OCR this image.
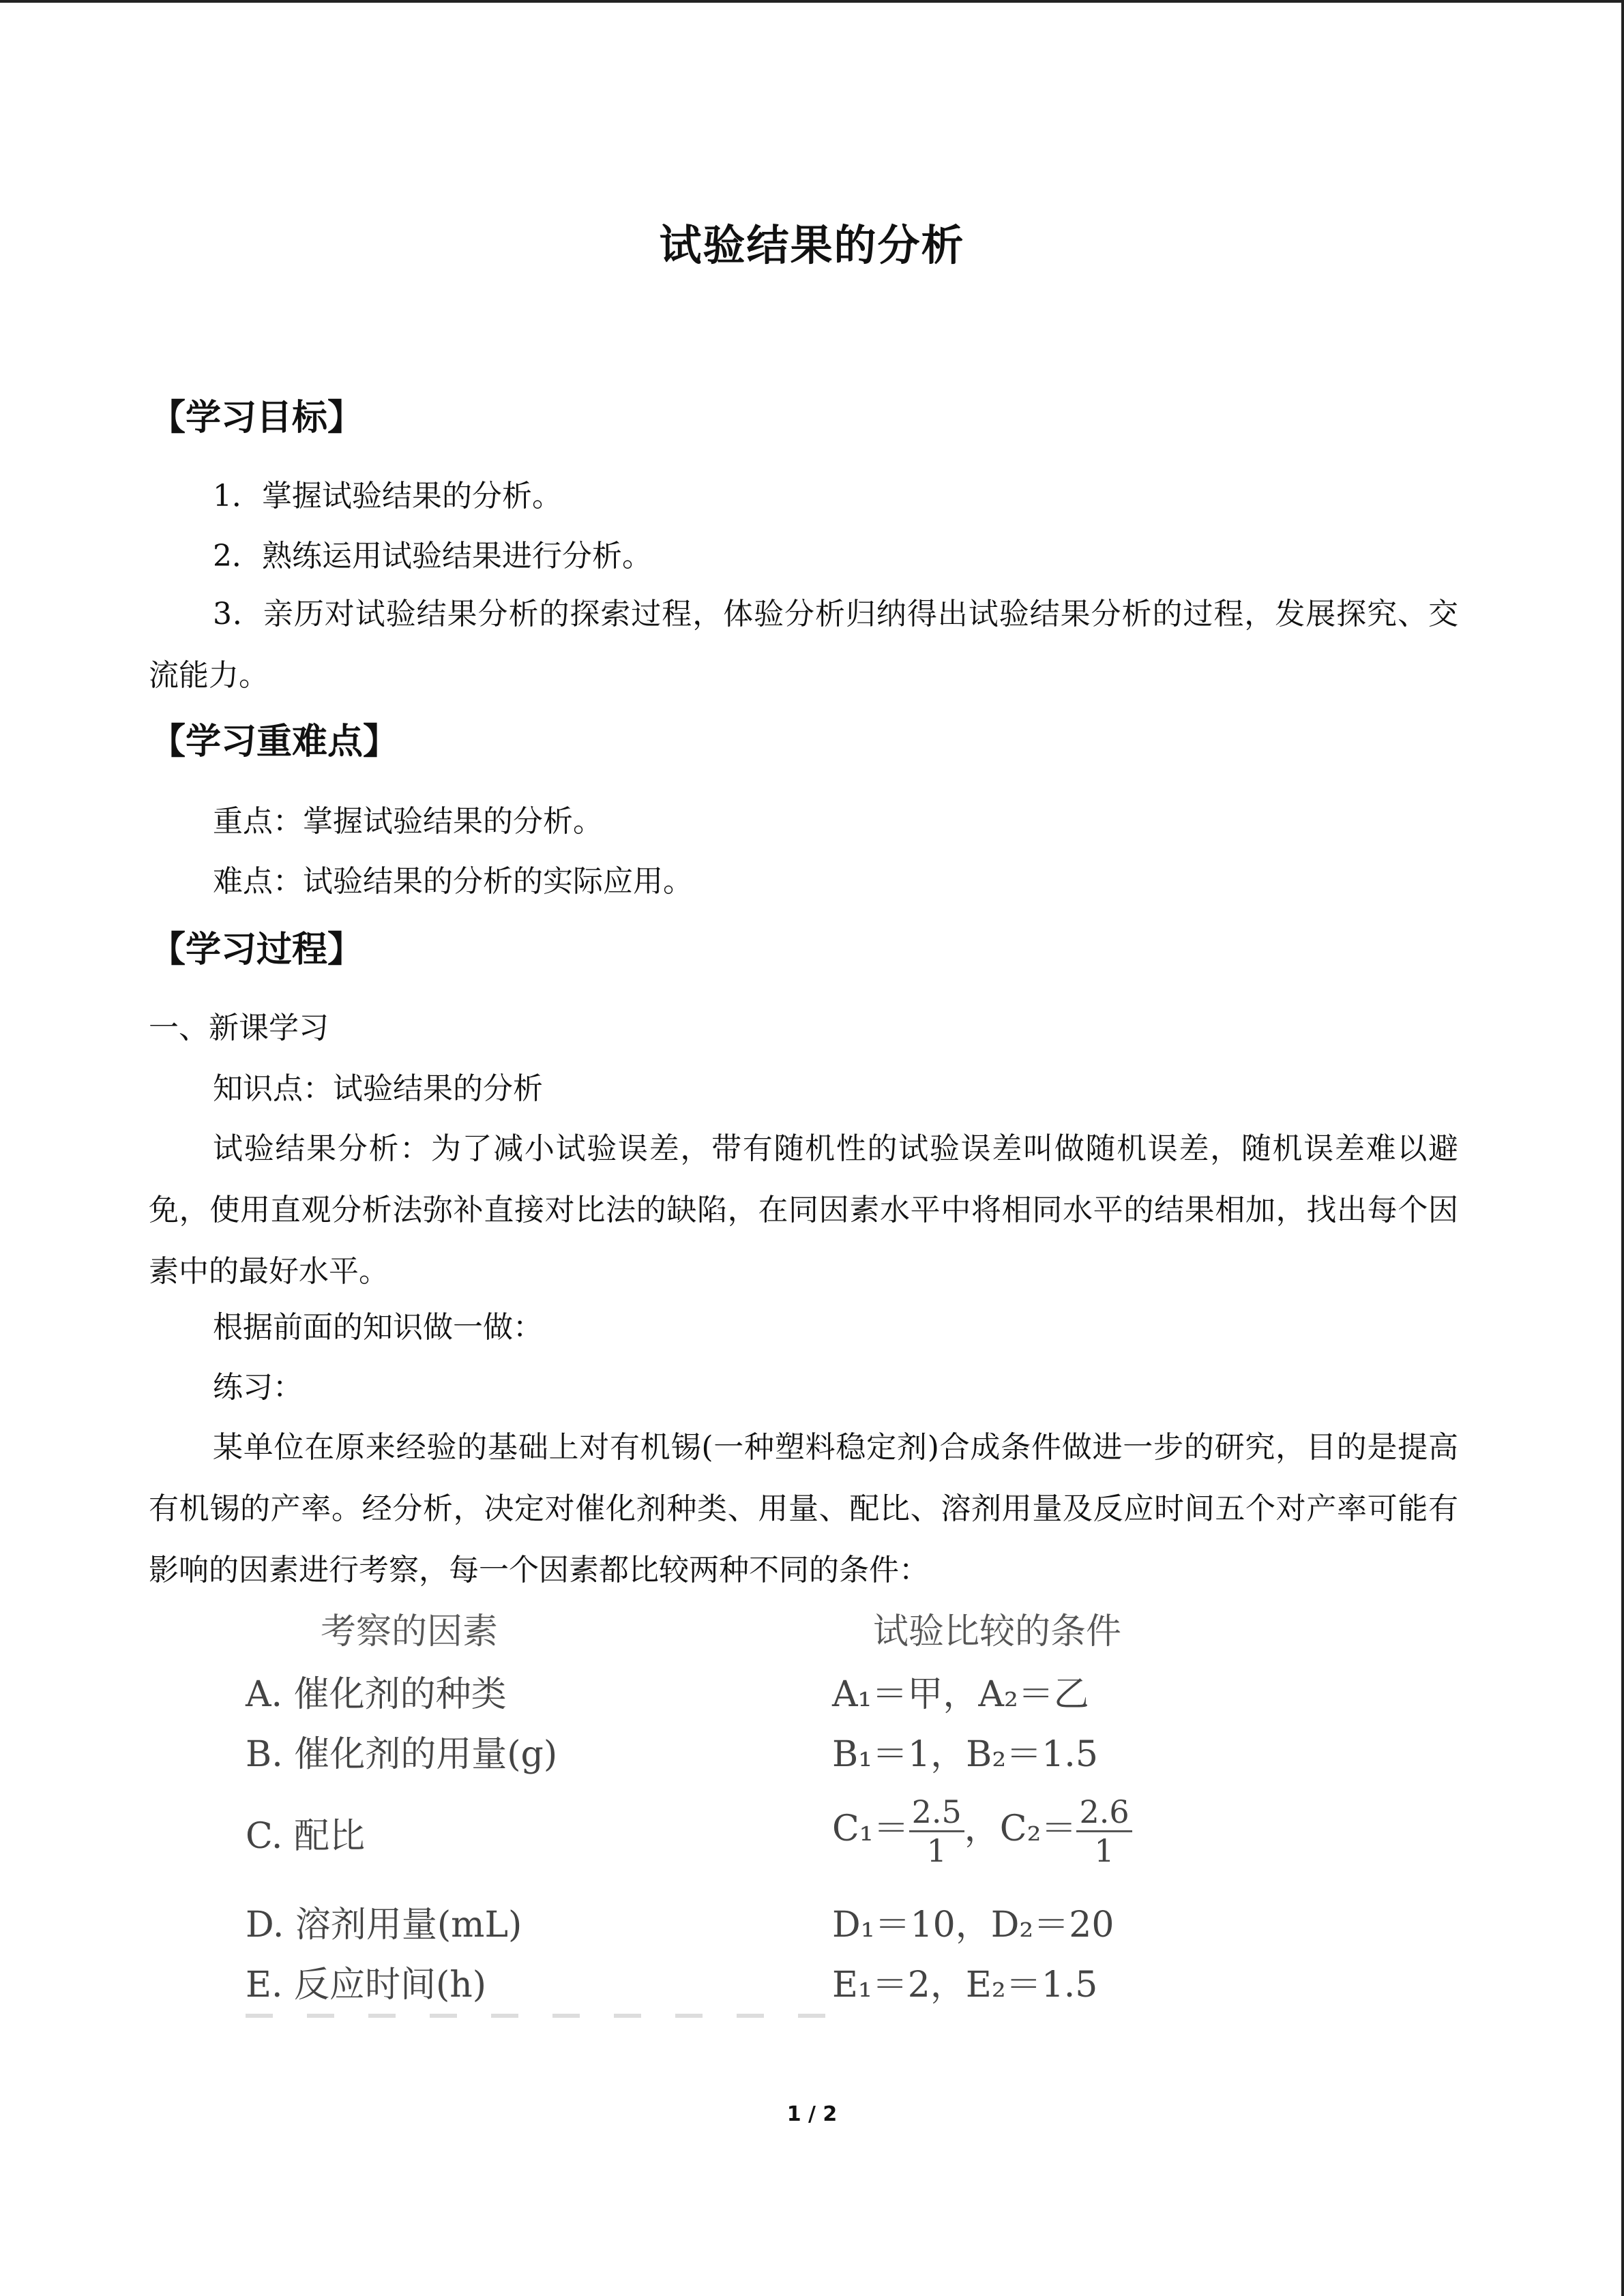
试验结果的分析
【学习目标】
1．掌握试验结果的分析。
2．熟练运用试验结果进行分析。
3．亲历对试验结果分析的探索过程，体验分析归纳得出试验结果分析的过程，发展探究、交流能力。
【学习重难点】
重点：掌握试验结果的分析。
难点：试验结果的分析的实际应用。
【学习过程】
一、新课学习
知识点：试验结果的分析
试验结果分析：为了减小试验误差，带有随机性的试验误差叫做随机误差，随机误差难以避免，使用直观分析法弥补直接对比法的缺陷，在同因素水平中将相同水平的结果相加，找出每个因素中的最好水平。
根据前面的知识做一做：
练习：
某单位在原来经验的基础上对有机锡(一种塑料稳定剂)合成条件做进一步的研究，目的是提高有机锡的产率。经分析，决定对催化剂种类、用量、配比、溶剂用量及反应时间五个对产率可能有影响的因素进行考察，每一个因素都比较两种不同的条件：
考察的因素	试验比较的条件
A. 催化剂的种类	A₁＝甲，A₂＝乙
B. 催化剂的用量(g)	B₁＝1，B₂＝1.5
C. 配比	$C_1= \frac{2.5}{1}$ ，$C_2= \frac{2.6}{1}$
D. 溶剂用量(mL)	D₁＝10，D₂＝20
E. 反应时间(h)	E₁＝2，E₂＝1.5
1 / 2
